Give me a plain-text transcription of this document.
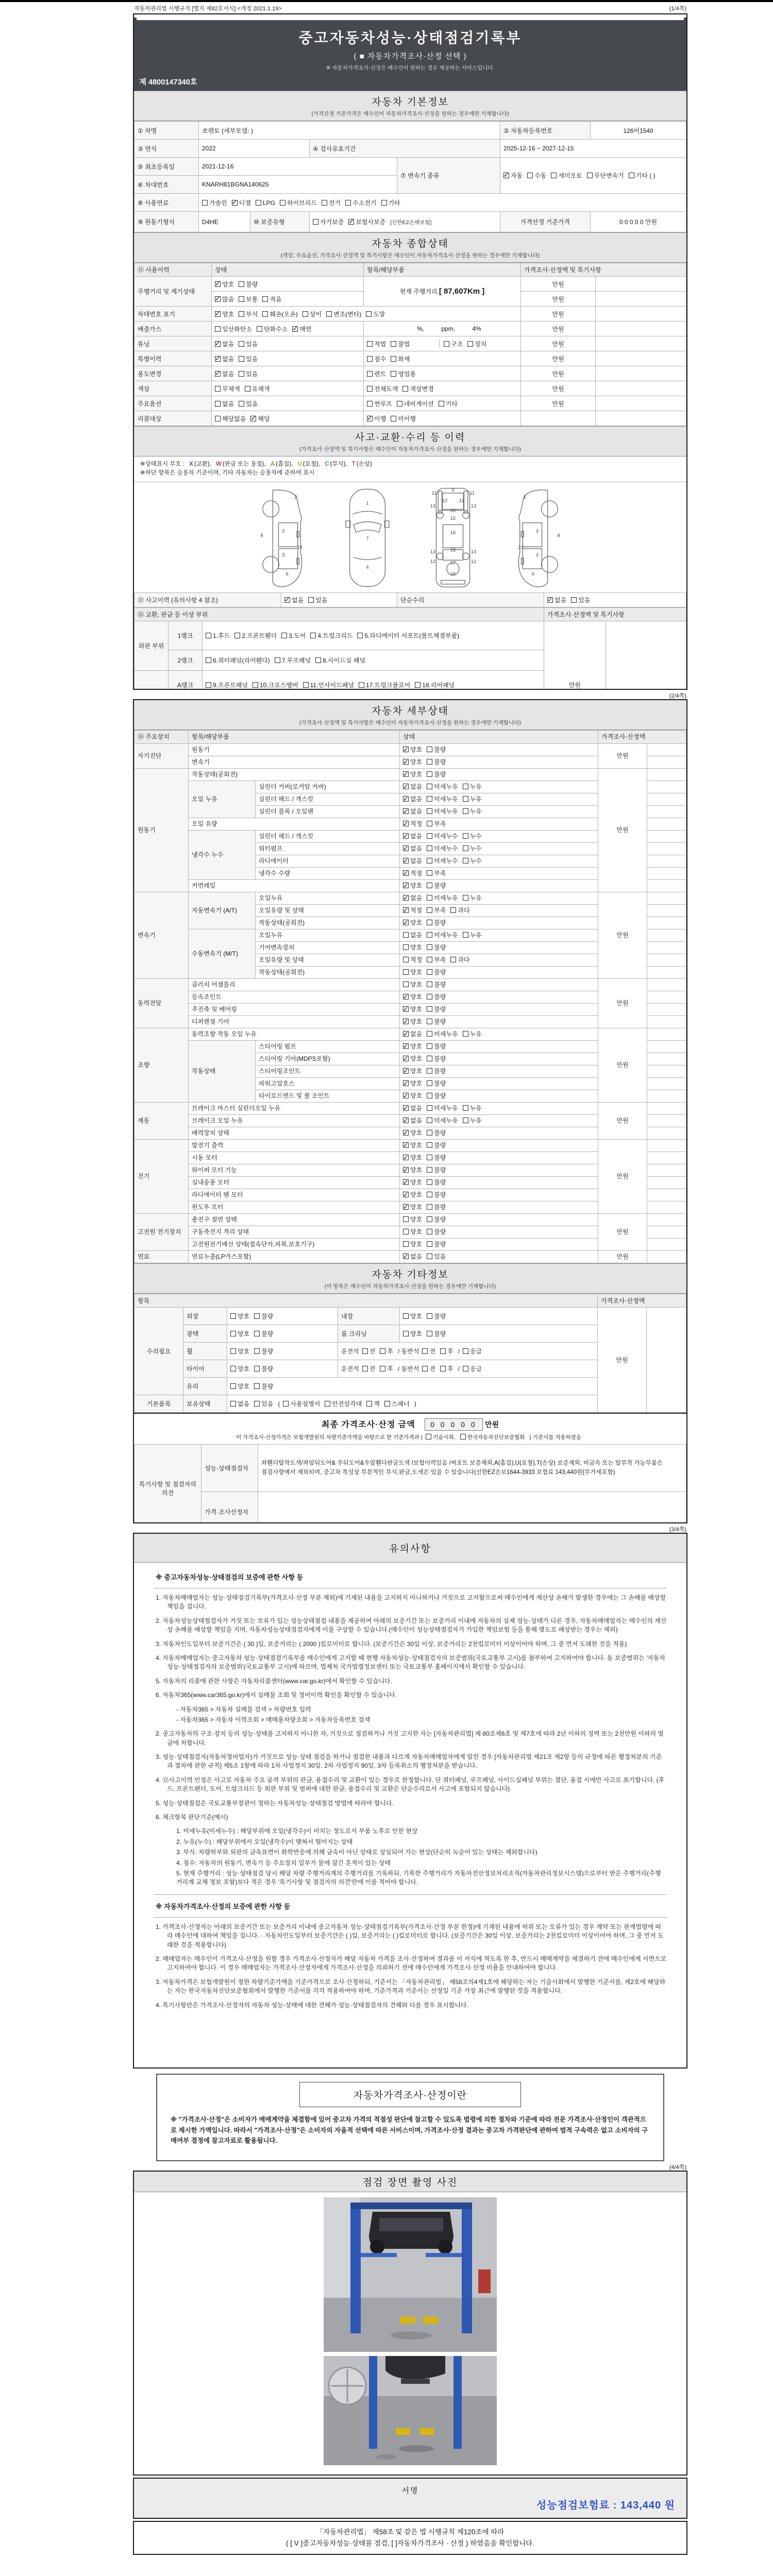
자동차관리법 시행규칙 [별지 제82호서식] <개정 2021.1.19>	(1/4쪽)
중고자동차성능·상태점검기록부
( ■ 자동차가격조사·산정 선택 )
※ 자동차가격조사·산정은 매수인이 원하는 경우 제공하는 서비스입니다.
제 4800147340호
자동차 기본정보
(가격산정 기준가격은 매수인이 자동차가격조사·산정을 원하는 경우에만 기재합니다)
① 차명	쏘렌토 (세부모델: )				② 자동차등록번호	126어1540
③ 연식	2022		④ 검사유효기간		2025-12-16 ~ 2027-12-15	
⑤ 최초등록일	2021-12-16			⑦ 변속기 종류	✓자동 수동 세미오토 무단변속기 기타 ( )
⑥ 차대번호	KNARH81BGNA140625					
⑧ 사용연료	가솔린 ✓ 디젤 LPG 하이브리드 전기 수소전기 기타
⑨ 원동기형식	D4HE	⑩ 보증유형	자가보증 ✓ 보험사보증 [신한EZ손해보험]		가격산정 기준가격	0 0 0 0 0 만원
자동차 종합상태
(색상, 주요옵션, 가격조사·산정액 및 특기사항은 매수인이 자동차가격조사·산정을 원하는 경우에만 기재합니다)
⑪ 사용이력	상태	항목/해당부품	가격조사·산정액 및 특기사항	
주행거리 및 계기상태	✓양호 불량	현재 주행거리 [ 87,607Km ]	만원	
✓많음 보통 적음		만원	
차대번호 표기	✓양호 부식 훼손(오손) 상이 변조(변타) 도말		만원	
배출가스	일산화탄소 탄화수소 ✓ 매연	%,          ppm,          4%	만원	
튜닝	✓없음 있음	적법 불법 구조 장치	만원	
특별이력	✓없음 있음	침수 화재	만원	
용도변경	✓없음 있음	렌트 영업용	만원	
색상	무채색 유채색	전체도색 색상변경	만원	
주요옵션	없음 있음	썬루프 네비게이션 기타	만원	
리콜대상	해당없음 ✓ 해당	✓이행 미이행		
사고·교환·수리 등 이력
(가격조사·산정액 및 특기사항은 매수인이 자동차가격조사·산정을 원하는 경우에만 기재합니다)
※상태표시 부호 : X (교환), W (판금 또는 용접), A (흠집), U (요철), C (부식), T (손상)
※하단 항목은 승용차 기준이며, 기타 자동차는 승용차에 준하여 표시
2
8
3
14
3
6
1
7
4
11	11
12 12
9
13	13
10
15
16
19
13	13
12	12
17
18
2
8
3
14
3
6
⑫ 사고이력 (유의사항 4 참조)	✓없음 있음	단순수리	✓없음 있음
⑬ 교환, 판금 등 이상 부위			가격조사·산정액 및 특기사항	
외판 부위	1랭크	1.후드 2.프론트휀더 3.도어 4.트렁크리드 5.라디에이터 서포트(볼트체결부품)	만원	
	2랭크	6.쿼터패널(리어휀다) 7.루프패널 8.사이드실 패널		
	A랭크	9.프론트패널 10.크로스멤버 11.인사이드패널 17.트렁크플로어 18.리어패널		

(2/4쪽)
자동차 세부상태
(가격조사·산정액 및 특기사항은 매수인이 자동차가격조사·산정을 원하는 경우에만 기재합니다)
⑭ 주요장치	항목/해당부품		상태	가격조사·산정액	
자기진단	원동기	✓양호 불량	만원	
	변속기	✓양호 불량	
원동기	작동상태(공회전)	✓양호 불량	만원	
	오일 누유	실린더 커버(로커암 커버)	✓없음 미세누유 누유	
		실린더 헤드 / 개스킷	✓없음 미세누유 누유	
		실린더 블록 / 오일팬	✓없음 미세누유 누유	
	오일 유량	✓적정 부족	
	냉각수 누수	실린더 헤드 / 개스킷	✓없음 미세누수 누수	
		워터펌프	✓없음 미세누수 누수	
		라디에이터	✓없음 미세누수 누수	
		냉각수 수량	✓적정 부족	
	커먼레일	✓양호 불량	
변속기	자동변속기 (A/T)	오일누유	✓없음 미세누유 누유	만원	
		오일유량 및 상태	✓적정 부족 과다	
		작동상태(공회전)	✓양호 불량	
	수동변속기 (M/T)	오일누유	없음 미세누유 누유		
		기어변속장치	양호 불량		
		오일유량 및 상태	적정 부족 과다		
		작동상태(공회전)	양호 불량		
동력전달	클러치 어셈블리		양호 불량	만원	
	등속조인트	✓양호 불량	
	추진축 및 베어링	✓양호 불량	
	디퍼렌셜 기어	✓양호 불량	
조향	동력조향 작동 오일 누유	✓없음 미세누유 누유	만원	
	작동상태	스티어링 펌프	✓양호 불량	
		스티어링 기어(MDPS포함)	✓양호 불량	
		스티어링조인트	✓양호 불량	
		파워고압호스	✓양호 불량	
		타이로드엔드 및 볼 조인트	✓양호 불량	
제동	브레이크 마스터 실린더오일 누유	✓없음 미세누유 누유	만원	
	브레이크 오일 누유	✓없음 미세누유 누유	
	배력장치 상태	✓양호 불량	
전기	발전기 출력	✓양호 불량	만원	
	시동 모터	✓양호 불량	
	와이퍼 모터 기능	✓양호 불량	
	실내송풍 모터	✓양호 불량	
	라디에이터 팬 모터	✓양호 불량	
	윈도우 모터	✓양호 불량	
고전원 전기장치	충전구 절연 상태		양호 불량	만원	
	구동축전지 격리 상태		양호 불량		
	고전원전기배선 상태(접속단자,피복,보호기구)		양호 불량		
연료	연료누출(LP가스포함)	✓없음 있음	만원	
자동차 기타정보
(이 항목은 매수인이 자동차가격조사·산정을 원하는 경우에만 기재합니다)
항목					가격조사·산정액	
수리필요	외장	양호 불량	내장	양호 불량	만원	
	광택	양호 불량	룸 크리닝	양호 불량		
	휠	양호 불량	운전석 전 후 / 동반석 전 후 / 응급			
	타이어	양호 불량	운전석 전 후 / 동반석 전 후 / 응급			
	유리	양호 불량				
기본품목	보유상태	없음 있음 ( 사용설명서 안전삼각대 잭 스패너 )				
최종 가격조사·산정 금액 0 0 0 0 0 만원
이 가격조사·산정가격은 보험개발원의 차량기준가액을 바탕으로 한 기준가격과 ( 기술사회, 한국자동차진단보증협회 ) 기준서를 적용하였음
특기사항 및 점검자의 의견	성능·상태점검자	좌휀더탈착도색/좌앞뒤도어& 우뒤도어&우앞휀다판금도색 /보험이력있음 /써포트 보증제외,A(흠집),U(요철),T(손상) 보증제외, 비금속 또는 탈부착 가능부품은 점검사항에서 제외되며, 중고차 특성상 부분적인 부식,판금,도색은 있을 수 있습니다(신한EZ손보1644-3933 보험료 143,440원(부가세포함)
	가격·조사산정자	
(3/4쪽)
유의사항
※ 중고자동차성능·상태점검의 보증에 관한 사항 등
1. 자동차매매업자는 성능·상태점검기록부(가격조사·산정 부분 제외)에 기재된 내용을 고지하지 아니하거나 거짓으로 고지함으로써 매수인에게 재산상 손해가 발생한 경우에는 그 손해를 배상할 책임을 집니다.
2. 자동차성능상태점검자가 거짓 또는 오류가 있는 성능상태점검 내용을 제공하여 아래의 보증기간 또는 보증거리 이내에 자동차의 실제 성능·상태가 다른 경우, 자동차매매업자는 매수인의 재산상 손해를 배상할 책임을 지며, 자동차성능상태점검자에게 이를 구상할 수 있습니다.(매수인이 성능상태점검자가 가입한 책임보험 등을 통해 별도로 배상받는 경우는 제외)
3. 자동차인도일부터 보증기간은 ( 30 )일, 보증거리는 ( 2000 )킬로미터로 합니다. (보증기간은 30일 이상, 보증거리는 2천킬로미터 이상이어야 하며, 그 중 먼저 도래한 것을 적용)
4. 자동차매매업자는 중고자동차 성능·상태점검기록부를 매수인에게 고지할 때 현행 자동차성능·상태점검자의 보증범위(국토교통부 고시)를 첨부하여 고지하여야 합니다. 동 보증범위는 '자동차성능·상태점검자의 보증범위'(국토교통부 고시)에 따르며, 법제처 국가법령정보센터 또는 국토교통부 홈페이지에서 확인할 수 있습니다.
5. 자동차의 리콜에 관한 사항은 자동차리콜센터(www.car.go.kr)에서 확인할 수 있습니다.
6. 자동차365(www.car365.go.kr)에서 실매물 조회 및 정비이력 확인을 확인할 수 있습니다.
- 자동차365 > 자동차 실매물 검색 > 차량번호 입력
- 자동차365 > 자동차 이력조회 > 매매용차량조회 > 자동차등록번호 검색
2. 중고자동차의 구조·장치 등의 성능·상태를 고지하지 아니한 자, 거짓으로 점검하거나 거짓 고지한 자는 [자동차관리법] 제 80조제6호 및 제7호에 따라 2년 이하의 징역 또는 2천만원 이하의 벌금에 처합니다.
3. 성능·상태점검자(자동차정비업자)가 거짓으로 성능·상태 점검을 하거나 점검한 내용과 다르게 자동차매매업자에게 알린 경우 [자동차관리법 제21조 제2항 등의 규정에 따른 행정처분의 기준과 절차에 관한 규칙] 제5조 1항에 따라 1차 사업정지 30일, 2차 사업정지 90일, 3차 등록취소의 행정처분을 받습니다.
4. ⑫사고이력 인정은 사고로 자동차 주요 골격 부위의 판금, 용접수리 및 교환이 있는 경우로 한정합니다. 단 쿼터패널, 루프패널, 사이드실패널 부위는 절단, 용접 시에만 사고로 표기합니다. (후드, 프론트펜더, 도어, 트렁크리드 등 외판 부위 및 범퍼에 대한 판금, 용접수리 및 교환은 단순수리로서 사고에 포함되지 않습니다)
5. 성능·상태점검은 국토교통부장관이 정하는 자동차성능·상태점검 방법에 따라야 합니다.
6. 체크항목 판단기준(예시)
1. 미세누유(미세누수) : 해당부위에 오일(냉각수)이 비치는 정도로서 부품 노후로 인한 현상
2. 누유(누수) : 해당부위에서 오일(냉각수)이 맺혀서 떨어지는 상태
3. 부식: 차량하부와 외판의 금속표면이 화학반응에 의해 금속이 아닌 상태로 상실되어 가는 현상(단순히 녹슬어 있는 상태는 제외합니다)
4. 침수: 자동차의 원동기, 변속기 등 주요장치 일부가 물에 잠긴 흔적이 있는 상태
5. 현재 주행거리 : 성능·상태점검 당시 해당 차량 주행거리계의 주행거리를 기록하되, 기록한 주행거리가 자동차전산정보처리조직(자동차관리정보시스템)으로부터 받은 주행거리(주행거리계 교체 정보 포함)보다 적은 경우 '특기사항 및 점검자의 의견'란에 이를 적어야 합니다.
※ 자동차가격조사·산정의 보증에 관한 사항 등
1. 가격조사·산정자는 아래의 보증기간 또는 보증거리 이내에 중고자동차 성능·상태점검기록부(가격조사·산정 부분 한정)에 기재된 내용에 허위 또는 오류가 있는 경우 계약 또는 관계법령에 따라 매수인에 대하여 책임을 집니다. · 자동차인도일부터 보증기간은 ( )일, 보증거리는 ( )킬로미터로 합니다. (보증기간은 30일 이상, 보증거리는 2천킬로미터 이상이어야 하며, 그 중 먼저 도래한 것을 적용합니다)
2. 매매업자는 매수인이 가격조사·산정을 원할 경우 가격조사·산정자가 해당 자동차 가격을 조사·산정하여 결과를 이 서식에 적도록 한 후, 반드시 매매계약을 체결하기 전에 매수인에게 서면으로 고지하여야 합니다. 이 경우 매매업자는 가격조사·산정자에게 가격조사·산정을 의뢰하기 전에 매수인에게 가격조사·산정 비용을 안내하여야 합니다.
3. 자동차가격은 보험개발원이 정한 차량기준가액을 기준가격으로 조사·산정하되, 기준서는 「자동차관리법」 제58조의4제1호에 해당하는 자는 기술사회에서 발행한 기준서를, 제2호에 해당하는 자는 한국자동차진단보증협회에서 발행한 기준서를 각각 적용하여야 하며, 기준가격과 기준서는 산정일 기준 가장 최근에 발행된 것을 적용합니다.
4. 특기사항란은 가격조사·산정자의 자동차 성능·상태에 대한 견해가 성능·상태점검자의 견해와 다를 경우 표시합니다.
자동차가격조사·산정이란
※ "가격조사·산정"은 소비자가 매매계약을 체결함에 있어 중고차 가격의 적절성 판단에 참고할 수 있도록 법령에 의한 절차와 기준에 따라 전문 가격조사·산정인이 객관적으로 제시한 가액입니다. 따라서 "가격조사·산정"은 소비자의 자율적 선택에 따른 서비스이며, 가격조사·산정 결과는 중고차 가격판단에 관하여 법적 구속력은 없고 소비자의 구매여부 결정에 참고자료로 활용됩니다.
(4/4쪽)
점검 장면 촬영 사진
서명
성능점검보험료 : 143,440 원
「자동차관리법」 제58조 및 같은 법 시행규칙 제120조에 따라
( [ V ]중고자동차성능·상태를 점검, [ ]자동차가격조사 · 산정 ) 하였음을 확인합니다.
